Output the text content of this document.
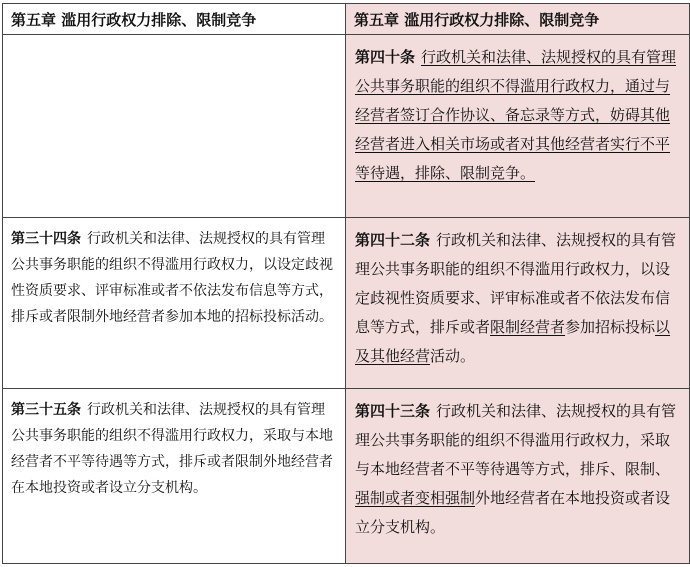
第五章 滥用行政权力排除、限制竞争	第五章 滥用行政权力排除、限制竞争

	第四十条 行政机关和法律、法规授权的具有管理公共事务职能的组织不得滥用行政权力，通过与经营者签订合作协议、备忘录等方式，妨碍其他经营者进入相关市场或者对其他经营者实行不平等待遇，排除、限制竞争。

第三十四条 行政机关和法律、法规授权的具有管理公共事务职能的组织不得滥用行政权力，以设定歧视性资质要求、评审标准或者不依法发布信息等方式，排斥或者限制外地经营者参加本地的招标投标活动。	第四十二条 行政机关和法律、法规授权的具有管理公共事务职能的组织不得滥用行政权力，以设定歧视性资质要求、评审标准或者不依法发布信息等方式，排斥或者限制经营者参加招标投标以及其他经营活动。

第三十五条 行政机关和法律、法规授权的具有管理公共事务职能的组织不得滥用行政权力，采取与本地经营者不平等待遇等方式，排斥或者限制外地经营者在本地投资或者设立分支机构。	第四十三条 行政机关和法律、法规授权的具有管理公共事务职能的组织不得滥用行政权力，采取与本地经营者不平等待遇等方式，排斥、限制、强制或者变相强制外地经营者在本地投资或者设立分支机构。
